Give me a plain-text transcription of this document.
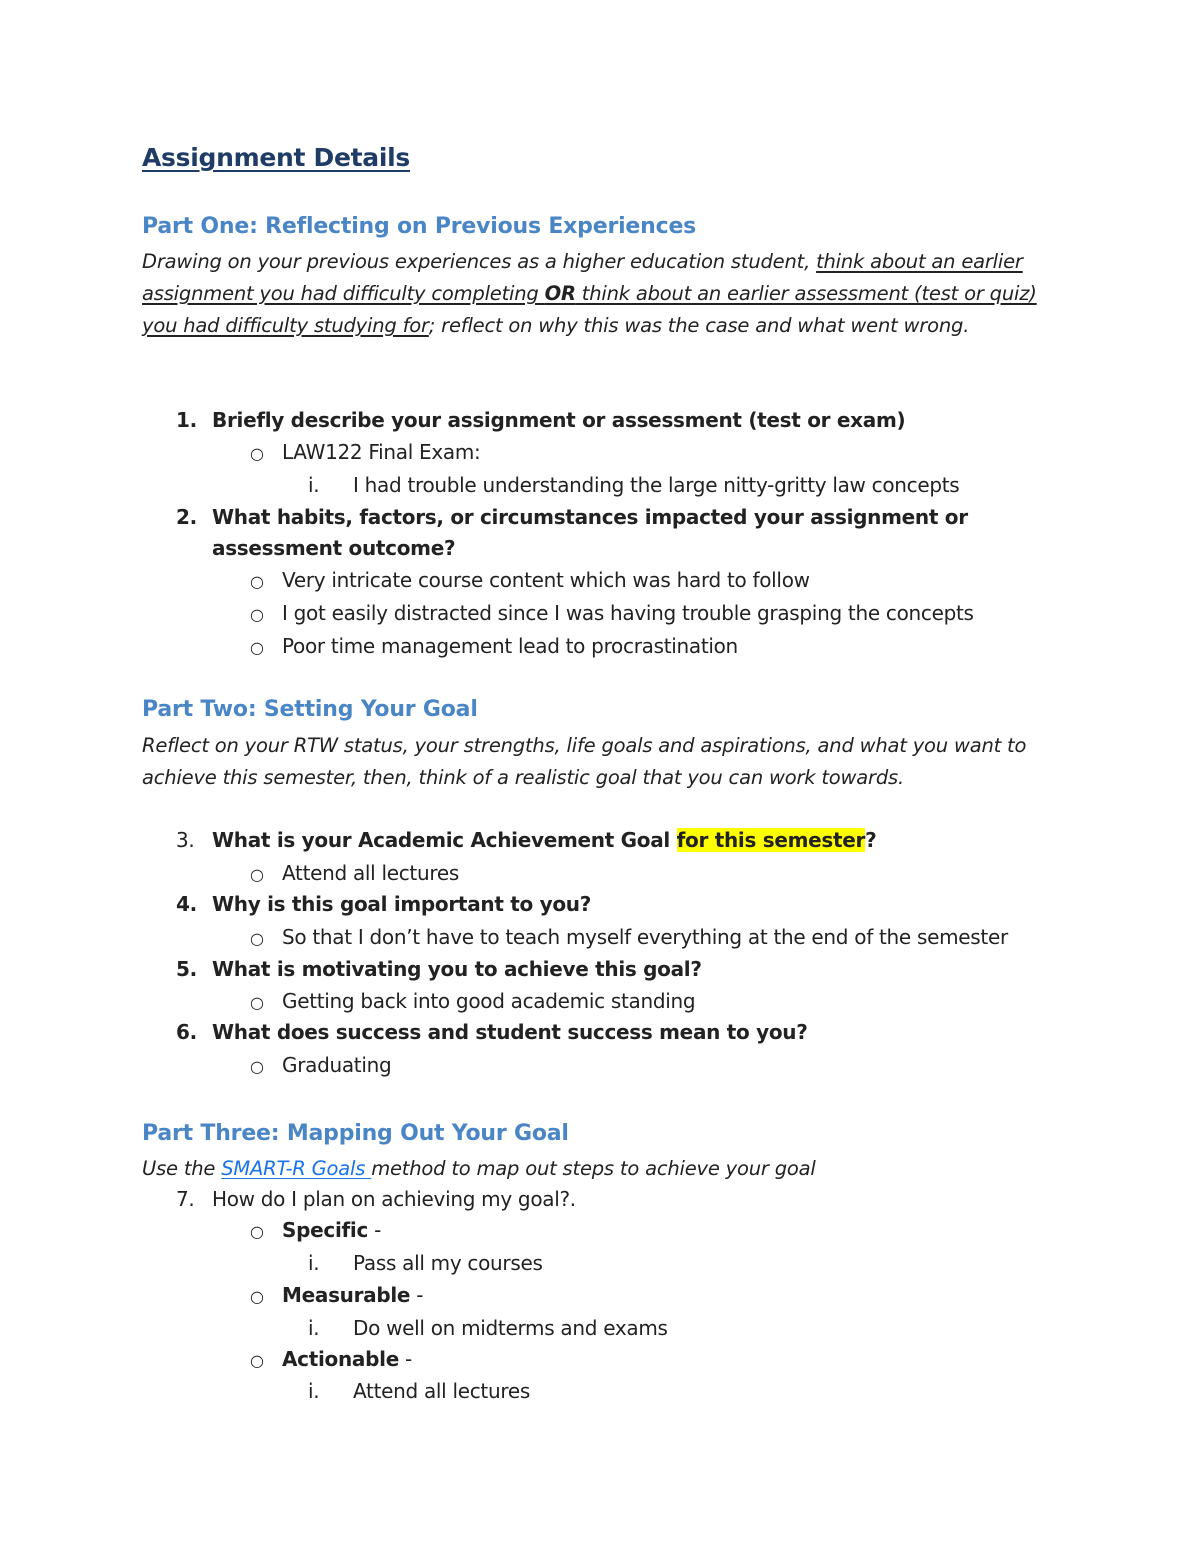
Assignment Details
Part One: Reflecting on Previous Experiences

Drawing on your previous experiences as a higher education student, think about an earlier assignment you had difficulty completing OR think about an earlier assessment (test or quiz) you had difficulty studying for; reflect on why this was the case and what went wrong.

1. Briefly describe your assignment or assessment (test or exam)
○ LAW122 Final Exam:
i. I had trouble understanding the large nitty-gritty law concepts
2. What habits, factors, or circumstances impacted your assignment or
assessment outcome?
○ Very intricate course content which was hard to follow
○ I got easily distracted since I was having trouble grasping the concepts
○ Poor time management lead to procrastination
Part Two: Setting Your Goal

Reflect on your RTW status, your strengths, life goals and aspirations, and what you want to achieve this semester, then, think of a realistic goal that you can work towards.

3. What is your Academic Achievement Goal for this semester?
○ Attend all lectures
4. Why is this goal important to you?
○ So that I don’t have to teach myself everything at the end of the semester
5. What is motivating you to achieve this goal?
○ Getting back into good academic standing
6. What does success and student success mean to you?
○ Graduating
Part Three: Mapping Out Your Goal

Use the SMART-R Goals method to map out steps to achieve your goal

7. How do I plan on achieving my goal?.
○ Specific -
i. Pass all my courses
○ Measurable -
i. Do well on midterms and exams
○ Actionable -
i. Attend all lectures
